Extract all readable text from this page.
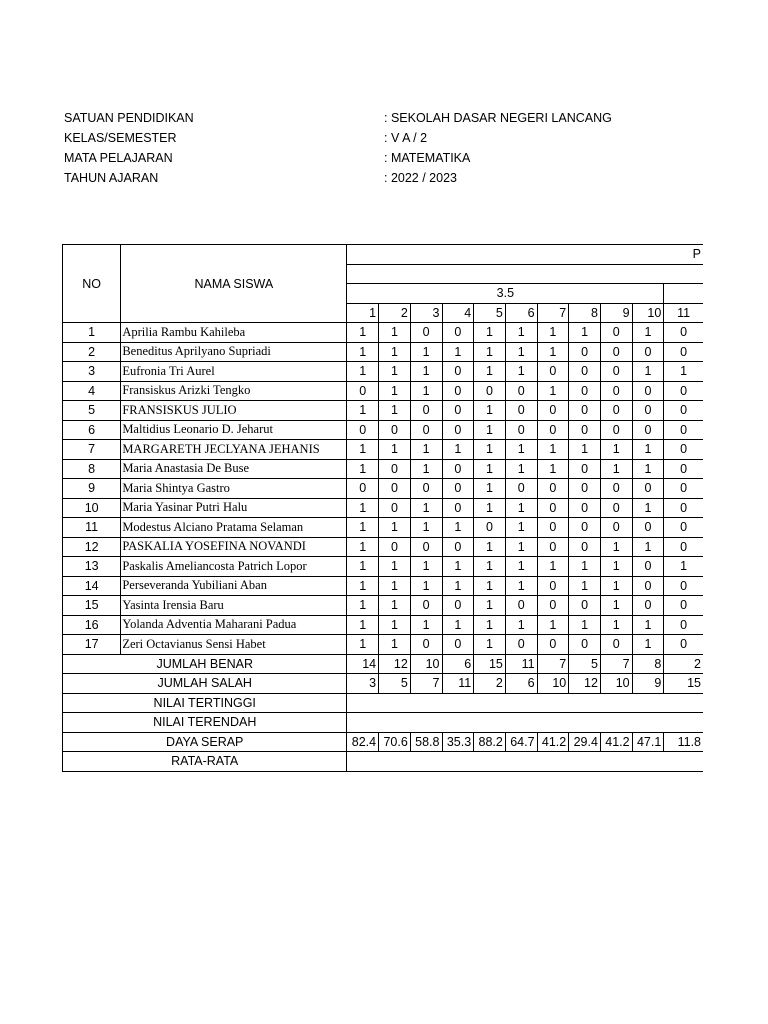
SATUAN PENDIDIKAN	: SEKOLAH DASAR NEGERI LANCANG
KELAS/SEMESTER	: V A / 2
MATA PELAJARAN	: MATEMATIKA
TAHUN AJARAN	: 2022 / 2023
NO	NAMA SISWA	P										

		3.5										
		1	2	3	4	5	6	7	8	9	10	11
1	Aprilia Rambu Kahileba	1	1	0	0	1	1	1	1	0	1	0
2	Beneditus Aprilyano Supriadi	1	1	1	1	1	1	1	0	0	0	0
3	Eufronia Tri Aurel	1	1	1	0	1	1	0	0	0	1	1
4	Fransiskus Arizki Tengko	0	1	1	0	0	0	1	0	0	0	0
5	FRANSISKUS JULIO	1	1	0	0	1	0	0	0	0	0	0
6	Maltidius Leonario D. Jeharut	0	0	0	0	1	0	0	0	0	0	0
7	MARGARETH JECLYANA JEHANIS	1	1	1	1	1	1	1	1	1	1	0
8	Maria Anastasia De Buse	1	0	1	0	1	1	1	0	1	1	0
9	Maria Shintya Gastro	0	0	0	0	1	0	0	0	0	0	0
10	Maria Yasinar Putri Halu	1	0	1	0	1	1	0	0	0	1	0
11	Modestus Alciano Pratama Selaman	1	1	1	1	0	1	0	0	0	0	0
12	PASKALIA YOSEFINA NOVANDI	1	0	0	0	1	1	0	0	1	1	0
13	Paskalis Ameliancosta Patrich Lopor	1	1	1	1	1	1	1	1	1	0	1
14	Perseveranda Yubiliani Aban	1	1	1	1	1	1	0	1	1	0	0
15	Yasinta Irensia Baru	1	1	0	0	1	0	0	0	1	0	0
16	Yolanda Adventia Maharani Padua	1	1	1	1	1	1	1	1	1	1	0
17	Zeri Octavianus Sensi Habet	1	1	0	0	1	0	0	0	0	1	0
JUMLAH BENAR		14	12	10	6	15	11	7	5	7	8	2
JUMLAH SALAH		3	5	7	11	2	6	10	12	10	9	15
NILAI TERTINGGI												
NILAI TERENDAH												
DAYA SERAP		82.4	70.6	58.8	35.3	88.2	64.7	41.2	29.4	41.2	47.1	11.8
RATA-RATA												
